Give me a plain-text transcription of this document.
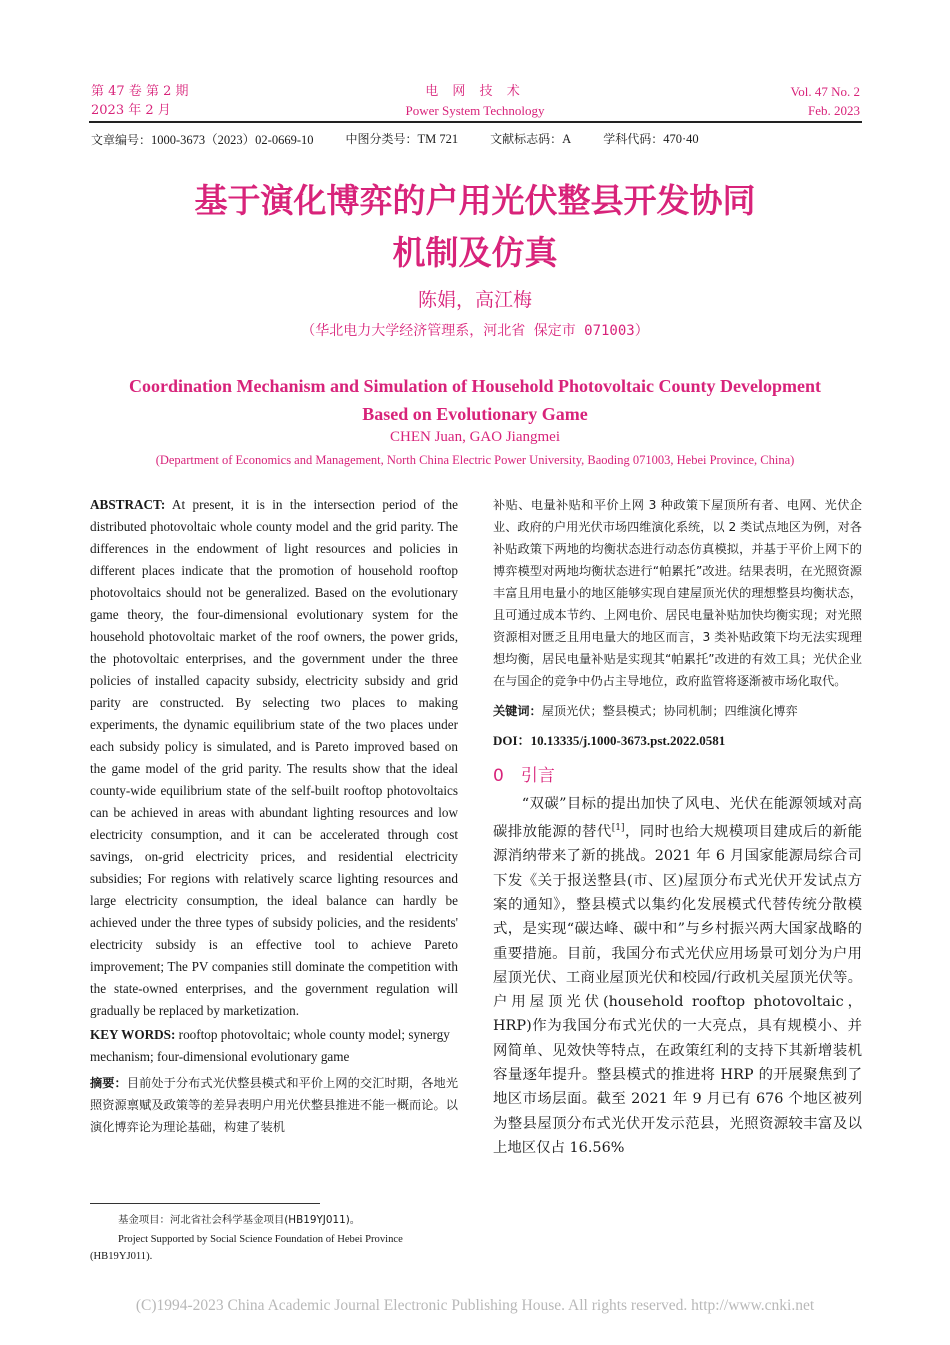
第 47 卷 第 2 期
2023 年 2 月
电 网 技 术
Power System Technology
Vol. 47 No. 2
Feb. 2023
文章编号：1000-3673（2023）02-0669-10	中图分类号：TM 721	文献标志码：A	学科代码：470·40
基于演化博弈的户用光伏整县开发协同
机制及仿真
陈娟，高江梅
（华北电力大学经济管理系，河北省 保定市 071003）
Coordination Mechanism and Simulation of Household Photovoltaic County Development
Based on Evolutionary Game
CHEN Juan, GAO Jiangmei
(Department of Economics and Management, North China Electric Power University, Baoding 071003, Hebei Province, China)

ABSTRACT: At present, it is in the intersection period of the distributed photovoltaic whole county model and the grid parity. The differences in the endowment of light resources and policies in different places indicate that the promotion of household rooftop photovoltaics should not be generalized. Based on the evolutionary game theory, the four-dimensional evolutionary system for the household photovoltaic market of the roof owners, the power grids, the photovoltaic enterprises, and the government under the three policies of installed capacity subsidy, electricity subsidy and grid parity are constructed. By selecting two places to making experiments, the dynamic equilibrium state of the two places under each subsidy policy is simulated, and is Pareto improved based on the game model of the grid parity. The results show that the ideal county-wide equilibrium state of the self-built rooftop photovoltaics can be achieved in areas with abundant lighting resources and low electricity consumption, and it can be accelerated through cost savings, on-grid electricity prices, and residential electricity subsidies; For regions with relatively scarce lighting resources and large electricity consumption, the ideal balance can hardly be achieved under the three types of subsidy policies, and the residents' electricity subsidy is an effective tool to achieve Pareto improvement; The PV companies still dominate the competition with the state-owned enterprises, and the government regulation will gradually be replaced by marketization.

KEY WORDS: rooftop photovoltaic; whole county model; synergy mechanism; four-dimensional evolutionary game

摘要：目前处于分布式光伏整县模式和平价上网的交汇时期，各地光照资源禀赋及政策等的差异表明户用光伏整县推进不能一概而论。以演化博弈论为理论基础，构建了装机

基金项目：河北省社会科学基金项目(HB19YJ011)。
Project Supported by Social Science Foundation of Hebei Province (HB19YJ011).

补贴、电量补贴和平价上网 3 种政策下屋顶所有者、电网、光伏企业、政府的户用光伏市场四维演化系统，以 2 类试点地区为例，对各补贴政策下两地的均衡状态进行动态仿真模拟，并基于平价上网下的博弈模型对两地均衡状态进行“帕累托”改进。结果表明，在光照资源丰富且用电量小的地区能够实现自建屋顶光伏的理想整县均衡状态，且可通过成本节约、上网电价、居民电量补贴加快均衡实现；对光照资源相对匮乏且用电量大的地区而言，3 类补贴政策下均无法实现理想均衡，居民电量补贴是实现其“帕累托”改进的有效工具；光伏企业在与国企的竞争中仍占主导地位，政府监管将逐渐被市场化取代。

关键词：屋顶光伏；整县模式；协同机制；四维演化博弈
DOI：10.13335/j.1000-3673.pst.2022.0581
0　引言

“双碳”目标的提出加快了风电、光伏在能源领域对高碳排放能源的替代[1]，同时也给大规模项目建成后的新能源消纳带来了新的挑战。2021 年 6 月国家能源局综合司下发《关于报送整县(市、区)屋顶分布式光伏开发试点方案的通知》，整县模式以集约化发展模式代替传统分散模式，是实现“碳达峰、碳中和”与乡村振兴两大国家战略的重要措施。目前，我国分布式光伏应用场景可划分为户用屋顶光伏、工商业屋顶光伏和校园/行政机关屋顶光伏等。户用屋顶光伏(household rooftop photovoltaic，HRP)作为我国分布式光伏的一大亮点，具有规模小、并网简单、见效快等特点，在政策红利的支持下其新增装机容量逐年提升。整县模式的推进将 HRP 的开展聚焦到了地区市场层面。截至 2021 年 9 月已有 676 个地区被列为整县屋顶分布式光伏开发示范县，光照资源较丰富及以上地区仅占 16.56%

(C)1994-2023 China Academic Journal Electronic Publishing House. All rights reserved. http://www.cnki.net
